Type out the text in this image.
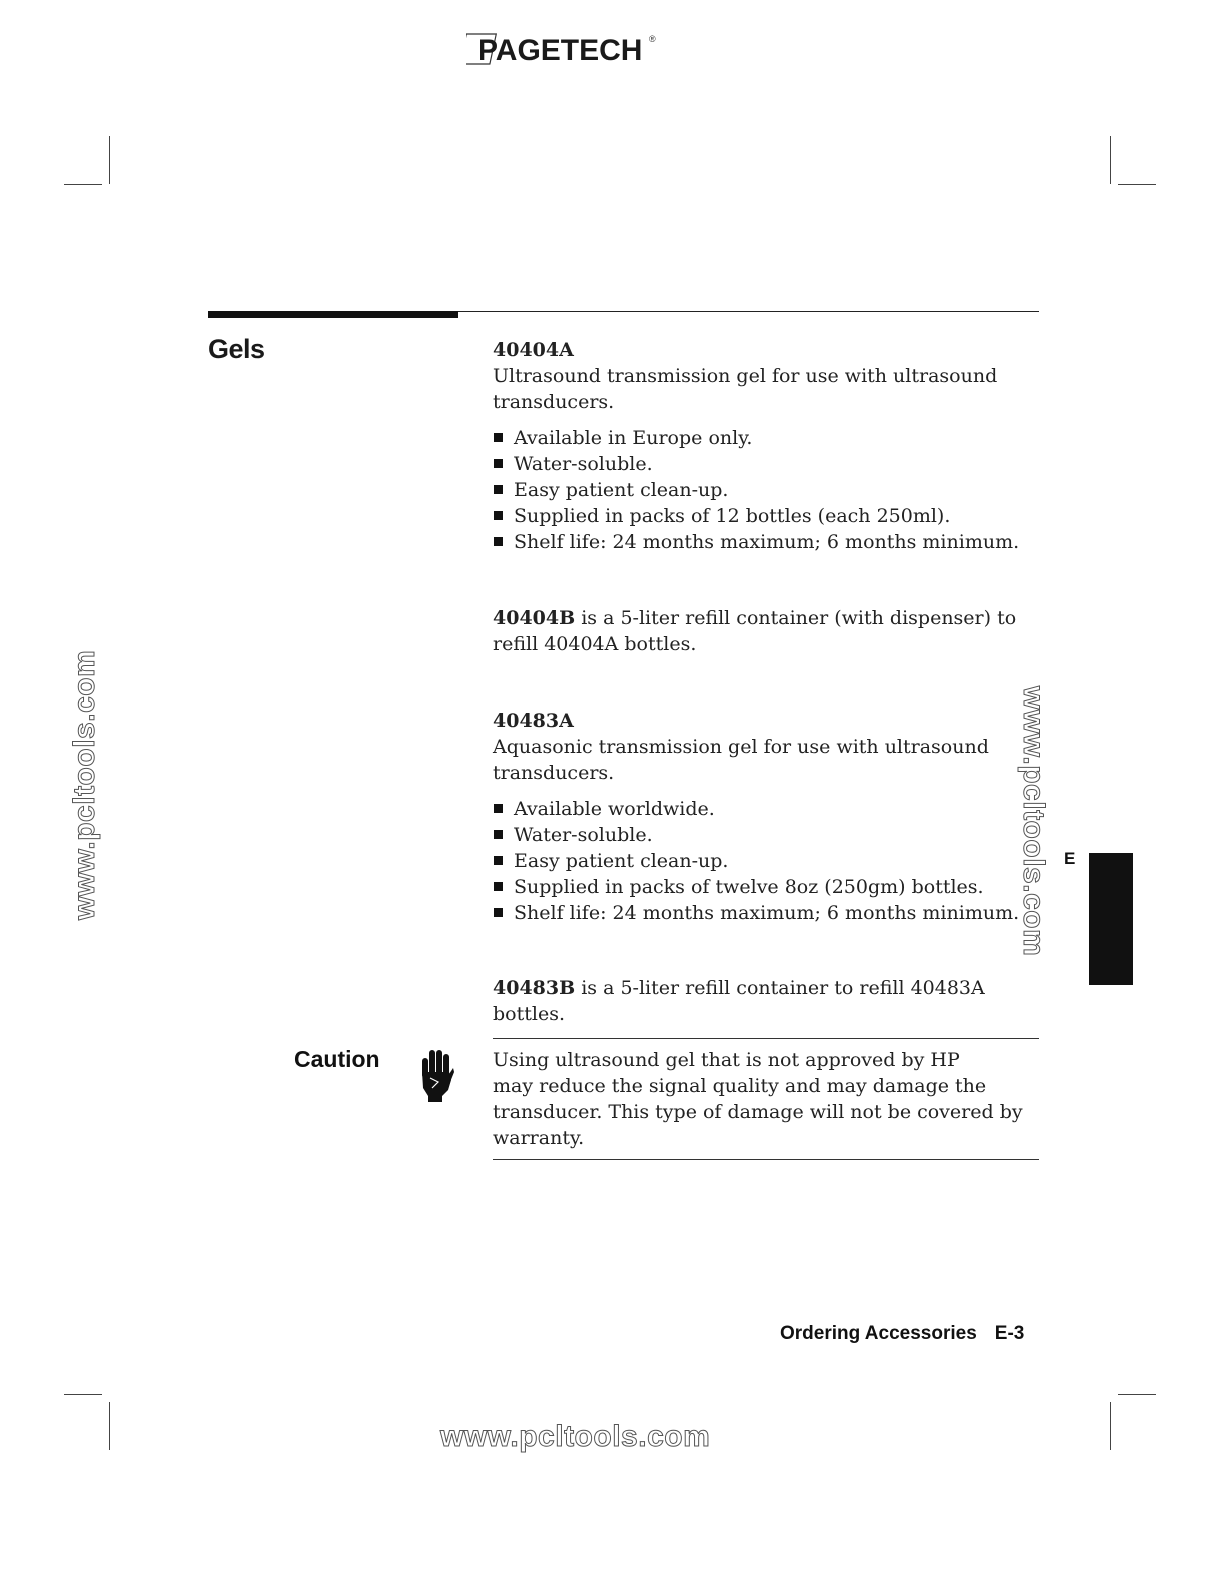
PAGETECH ®
Gels	40404A
Ultrasound transmission gel for use with ultrasound
transducers.
Available in Europe only.
Water-soluble.
Easy patient clean-up.
Supplied in packs of 12 bottles (each 250ml).
Shelf life: 24 months maximum; 6 months minimum.
40404B is a 5-liter refill container (with dispenser) to
refill 40404A bottles.
40483A
Aquasonic transmission gel for use with ultrasound
transducers.
Available worldwide.
Water-soluble.
Easy patient clean-up.
Supplied in packs of twelve 8oz (250gm) bottles.
Shelf life: 24 months maximum; 6 months minimum.
40483B is a 5-liter refill container to refill 40483A
bottles.
Caution	Using ultrasound gel that is not approved by HP
may reduce the signal quality and may damage the
transducer. This type of damage will not be covered by
warranty.
www.pcltools.com	www.pcltools.com
www.pcltools.com
E
Ordering Accessories E-3
